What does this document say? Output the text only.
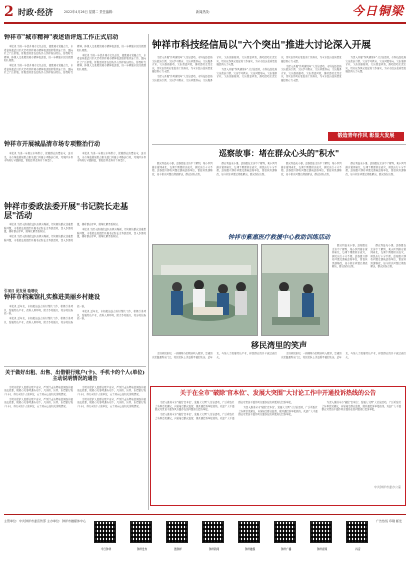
2 时政·经济	2022年4月26日 星期二 责任编辑：	新闻热线：	今日铜梁
钟祥市"城市精神"表述语评选工作正式启动

本报讯 为进一步提升城市文化品位，凝聚城市发展合力，市委宣传部近日正式启动钟祥城市精神表述语征集评选工作，面向社会广泛征集。征集活动旨在提炼具有钟祥地域特色、彰显时代精神、体现人文底蕴的城市精神表述语，进一步增强市民归属感和认同感。

本报讯 为进一步提升城市文化品位，凝聚城市发展合力，市委宣传部近日正式启动钟祥城市精神表述语征集评选工作，面向社会广泛征集。征集活动旨在提炼具有钟祥地域特色、彰显时代精神、体现人文底蕴的城市精神表述语，进一步增强市民归属感和认同感。

本报讯 为进一步提升城市文化品位，凝聚城市发展合力，市委宣传部近日正式启动钟祥城市精神表述语征集评选工作，面向社会广泛征集。征集活动旨在提炼具有钟祥地域特色、彰显时代精神、体现人文底蕴的城市精神表述语，进一步增强市民归属感和认同感。

钟祥市开展城晶清市场专项整治行动

本报讯 为进一步规范市场秩序，保障群众消费安全，连日来，市市场监管局联合相关部门开展专项整治行动，对城区各类市场进行全面排查，督促经营者落实主体责任。

本报讯 为进一步规范市场秩序，保障群众消费安全，连日来，市市场监管局联合相关部门开展专项整治行动，对城区各类市场进行全面排查，督促经营者落实主体责任。

钟祥市委政法委开展"书记院长走基层"活动

本报讯 为深入推进政法队伍教育整顿，切实解决群众急难愁盼问题，市委政法委组织开展书记院长走基层活动，深入乡镇村组，倾听群众呼声，现场化解矛盾纠纷。

本报讯 为深入推进政法队伍教育整顿，切实解决群众急难愁盼问题，市委政法委组织开展书记院长走基层活动，深入乡镇村组，倾听群众呼声，现场化解矛盾纠纷。

本报讯 为深入推进政法队伍教育整顿，切实解决群众急难愁盼问题，市委政法委组织开展书记院长走基层活动，深入乡镇村组，倾听群众呼声，现场化解矛盾纠纷。

引项目 促发展 稳增收
钟祥市档案馆扎实推进美丽乡村建设

本报讯 近年来，市档案馆结合驻村帮扶工作，积极引进项目，发展特色产业，改善人居环境，助力乡村振兴，村容村貌焕然一新。

本报讯 近年来，市档案馆结合驻村帮扶工作，积极引进项目，发展特色产业，改善人居环境，助力乡村振兴，村容村貌焕然一新。

本报讯 近年来，市档案馆结合驻村帮扶工作，积极引进项目，发展特色产业，改善人居环境，助力乡村振兴，村容村貌焕然一新。

关于做好出租、出售、出借银行账户(卡)、手机卡的个人(单位)主动说明情况的通告

为切实保护人民群众财产安全，严厉打击治理电信网络诈骗违法犯罪，现就有关事项通告如下。凡出租、出售、出借银行账户(卡)、手机卡的个人和单位，应主动向公安机关说明情况。

为切实保护人民群众财产安全，严厉打击治理电信网络诈骗违法犯罪，现就有关事项通告如下。凡出租、出售、出借银行账户(卡)、手机卡的个人和单位，应主动向公安机关说明情况。

为切实保护人民群众财产安全，严厉打击治理电信网络诈骗违法犯罪，现就有关事项通告如下。凡出租、出售、出借银行账户(卡)、手机卡的个人和单位，应主动向公安机关说明情况。

为切实保护人民群众财产安全，严厉打击治理电信网络诈骗违法犯罪，现就有关事项通告如下。凡出租、出售、出借银行账户(卡)、手机卡的个人和单位，应主动向公安机关说明情况。

钟祥市科技经信局以"六个突出"推进大讨论深入开展

为深入开展"作风建设年"大讨论活动，市科技经信局突出政治引领、突出学习教育、突出问题导向、突出服务企业、突出创新驱动、突出督查问效，推动活动走深走实，切实以作风转变促进工作落实，为全市经济高质量发展提供有力支撑。

为深入开展"作风建设年"大讨论活动，市科技经信局突出政治引领、突出学习教育、突出问题导向、突出服务企业、突出创新驱动、突出督查问效，推动活动走深走实，切实以作风转变促进工作落实，为全市经济高质量发展提供有力支撑。

为深入开展"作风建设年"大讨论活动，市科技经信局突出政治引领、突出学习教育、突出问题导向、突出服务企业、突出创新驱动、突出督查问效，推动活动走深走实，切实以作风转变促进工作落实，为全市经济高质量发展提供有力支撑。

为深入开展"作风建设年"大讨论活动，市科技经信局突出政治引领、突出学习教育、突出问题导向、突出服务企业、突出创新驱动、突出督查问效，推动活动走深走实，切实以作风转变促进工作落实，为全市经济高质量发展提供有力支撑。

为深入开展"作风建设年"大讨论活动，市科技经信局突出政治引领、突出学习教育、突出问题导向、突出服务企业、突出创新驱动、突出督查问效，推动活动走深走实，切实以作风转变促进工作落实，为全市经济高质量发展提供有力支撑。

锻造青年作风 彰显大发展
巡察故事：堵在群众心头的"积水"

群众利益无小事。巡察组在走访中了解到，某小区因排水管网老化，每逢下雨便积水成灾，居民出行十分不便。巡察组立即将问题反馈被巡察单位，督促其迅速整改，如今积水问题已彻底解决，群众纷纷点赞。

群众利益无小事。巡察组在走访中了解到，某小区因排水管网老化，每逢下雨便积水成灾，居民出行十分不便。巡察组立即将问题反馈被巡察单位，督促其迅速整改，如今积水问题已彻底解决，群众纷纷点赞。

群众利益无小事。巡察组在走访中了解到，某小区因排水管网老化，每逢下雨便积水成灾，居民出行十分不便。巡察组立即将问题反馈被巡察单位，督促其迅速整改，如今积水问题已彻底解决，群众纷纷点赞。

群众利益无小事。巡察组在走访中了解到，某小区因排水管网老化，每逢下雨便积水成灾，居民出行十分不便。巡察组立即将问题反馈被巡察单位，督促其迅速整改，如今积水问题已彻底解决，群众纷纷点赞。

钟祥市紫惠医疗救援中心救助训练活动

群众利益无小事。巡察组在走访中了解到，某小区因排水管网老化，每逢下雨便积水成灾，居民出行十分不便。巡察组立即将问题反馈被巡察单位，督促其迅速整改，如今积水问题已彻底解决，群众纷纷点赞。

群众利益无小事。巡察组在走访中了解到，某小区因排水管网老化，每逢下雨便积水成灾，居民出行十分不便。巡察组立即将问题反馈被巡察单位，督促其迅速整改，如今积水问题已彻底解决，群众纷纷点赞。

移民湾里的笑声

走进移民新村，一排排整齐的楼房映入眼帘，宽阔的水泥路通到家门口，村民们脸上洋溢着幸福的笑容。近年来，当地大力发展特色产业，移民群众的日子越过越红火。

走进移民新村，一排排整齐的楼房映入眼帘，宽阔的水泥路通到家门口，村民们脸上洋溢着幸福的笑容。近年来，当地大力发展特色产业，移民群众的日子越过越红火。

关于在全市"破除'官本位'、发展大突围"大讨论工作中开通投诉热线的公告

为深入推进全市"破除'官本位'、发展大突围"大讨论活动，广泛听取社会各界意见建议，自觉接受群众监督，现开通投诉举报热线。欢迎广大干部群众对党员干部作风方面存在的问题进行投诉举报。

为深入推进全市"破除'官本位'、发展大突围"大讨论活动，广泛听取社会各界意见建议，自觉接受群众监督，现开通投诉举报热线。欢迎广大干部群众对党员干部作风方面存在的问题进行投诉举报。

为深入推进全市"破除'官本位'、发展大突围"大讨论活动，广泛听取社会各界意见建议，自觉接受群众监督，现开通投诉举报热线。欢迎广大干部群众对党员干部作风方面存在的问题进行投诉举报。

为深入推进全市"破除'官本位'、发展大突围"大讨论活动，广泛听取社会各界意见建议，自觉接受群众监督，现开通投诉举报热线。欢迎广大干部群众对党员干部作风方面存在的问题进行投诉举报。

中共钟祥市委办公室
主管单位：中共钟祥市委宣传部 主办单位：钟祥市融媒体中心
今日钟祥	钟祥发布	微钟祥	钟祥新闻	钟祥融媒	钟祥广播	钟祥视频	抖音
广告热线 印刷 邮发
